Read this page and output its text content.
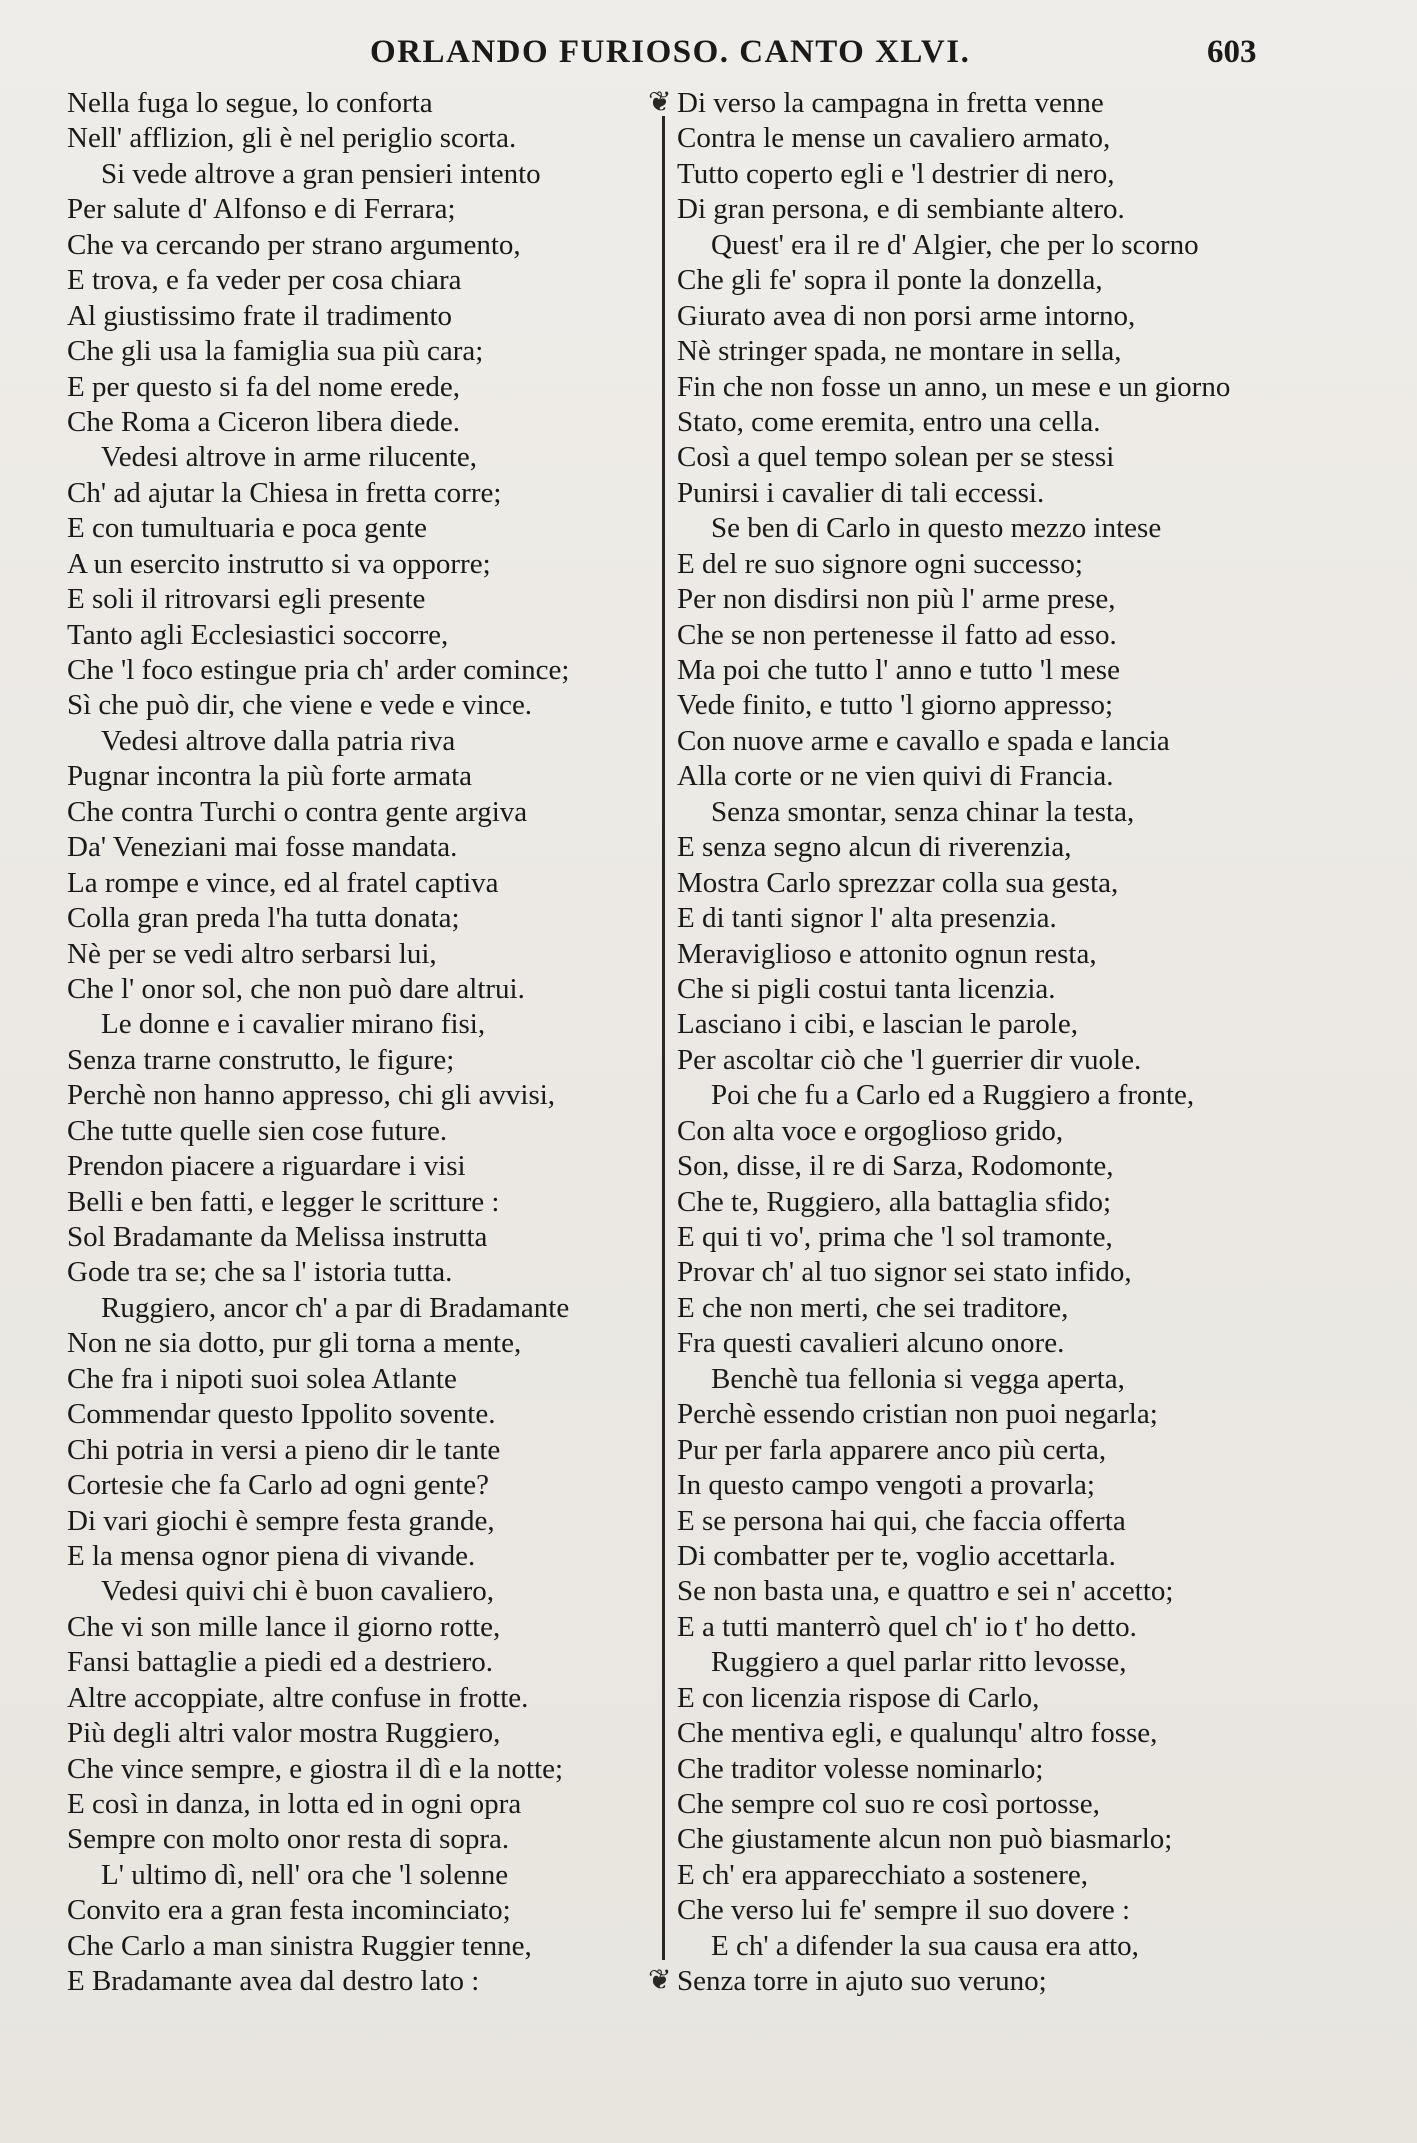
ORLANDO FURIOSO. CANTO XLVI.	603
Nella fuga lo segue, lo conforta
Nell' afflizion, gli è nel periglio scorta.
Si vede altrove a gran pensieri intento
Per salute d' Alfonso e di Ferrara;
Che va cercando per strano argumento,
E trova, e fa veder per cosa chiara
Al giustissimo frate il tradimento
Che gli usa la famiglia sua più cara;
E per questo si fa del nome erede,
Che Roma a Ciceron libera diede.
Vedesi altrove in arme rilucente,
Ch' ad ajutar la Chiesa in fretta corre;
E con tumultuaria e poca gente
A un esercito instrutto si va opporre;
E soli il ritrovarsi egli presente
Tanto agli Ecclesiastici soccorre,
Che 'l foco estingue pria ch' arder comince;
Sì che può dir, che viene e vede e vince.
Vedesi altrove dalla patria riva
Pugnar incontra la più forte armata
Che contra Turchi o contra gente argiva
Da' Veneziani mai fosse mandata.
La rompe e vince, ed al fratel captiva
Colla gran preda l'ha tutta donata;
Nè per se vedi altro serbarsi lui,
Che l' onor sol, che non può dare altrui.
Le donne e i cavalier mirano fisi,
Senza trarne construtto, le figure;
Perchè non hanno appresso, chi gli avvisi,
Che tutte quelle sien cose future.
Prendon piacere a riguardare i visi
Belli e ben fatti, e legger le scritture :
Sol Bradamante da Melissa instrutta
Gode tra se; che sa l' istoria tutta.
Ruggiero, ancor ch' a par di Bradamante
Non ne sia dotto, pur gli torna a mente,
Che fra i nipoti suoi solea Atlante
Commendar questo Ippolito sovente.
Chi potria in versi a pieno dir le tante
Cortesie che fa Carlo ad ogni gente?
Di vari giochi è sempre festa grande,
E la mensa ognor piena di vivande.
Vedesi quivi chi è buon cavaliero,
Che vi son mille lance il giorno rotte,
Fansi battaglie a piedi ed a destriero.
Altre accoppiate, altre confuse in frotte.
Più degli altri valor mostra Ruggiero,
Che vince sempre, e giostra il dì e la notte;
E così in danza, in lotta ed in ogni opra
Sempre con molto onor resta di sopra.
L' ultimo dì, nell' ora che 'l solenne
Convito era a gran festa incominciato;
Che Carlo a man sinistra Ruggier tenne,
E Bradamante avea dal destro lato :
❦
❦
Di verso la campagna in fretta venne
Contra le mense un cavaliero armato,
Tutto coperto egli e 'l destrier di nero,
Di gran persona, e di sembiante altero.
Quest' era il re d' Algier, che per lo scorno
Che gli fe' sopra il ponte la donzella,
Giurato avea di non porsi arme intorno,
Nè stringer spada, ne montare in sella,
Fin che non fosse un anno, un mese e un giorno
Stato, come eremita, entro una cella.
Così a quel tempo solean per se stessi
Punirsi i cavalier di tali eccessi.
Se ben di Carlo in questo mezzo intese
E del re suo signore ogni successo;
Per non disdirsi non più l' arme prese,
Che se non pertenesse il fatto ad esso.
Ma poi che tutto l' anno e tutto 'l mese
Vede finito, e tutto 'l giorno appresso;
Con nuove arme e cavallo e spada e lancia
Alla corte or ne vien quivi di Francia.
Senza smontar, senza chinar la testa,
E senza segno alcun di riverenzia,
Mostra Carlo sprezzar colla sua gesta,
E di tanti signor l' alta presenzia.
Meraviglioso e attonito ognun resta,
Che si pigli costui tanta licenzia.
Lasciano i cibi, e lascian le parole,
Per ascoltar ciò che 'l guerrier dir vuole.
Poi che fu a Carlo ed a Ruggiero a fronte,
Con alta voce e orgoglioso grido,
Son, disse, il re di Sarza, Rodomonte,
Che te, Ruggiero, alla battaglia sfido;
E qui ti vo', prima che 'l sol tramonte,
Provar ch' al tuo signor sei stato infido,
E che non merti, che sei traditore,
Fra questi cavalieri alcuno onore.
Benchè tua fellonia si vegga aperta,
Perchè essendo cristian non puoi negarla;
Pur per farla apparere anco più certa,
In questo campo vengoti a provarla;
E se persona hai qui, che faccia offerta
Di combatter per te, voglio accettarla.
Se non basta una, e quattro e sei n' accetto;
E a tutti manterrò quel ch' io t' ho detto.
Ruggiero a quel parlar ritto levosse,
E con licenzia rispose di Carlo,
Che mentiva egli, e qualunqu' altro fosse,
Che traditor volesse nominarlo;
Che sempre col suo re così portosse,
Che giustamente alcun non può biasmarlo;
E ch' era apparecchiato a sostenere,
Che verso lui fe' sempre il suo dovere :
E ch' a difender la sua causa era atto,
Senza torre in ajuto suo veruno;
